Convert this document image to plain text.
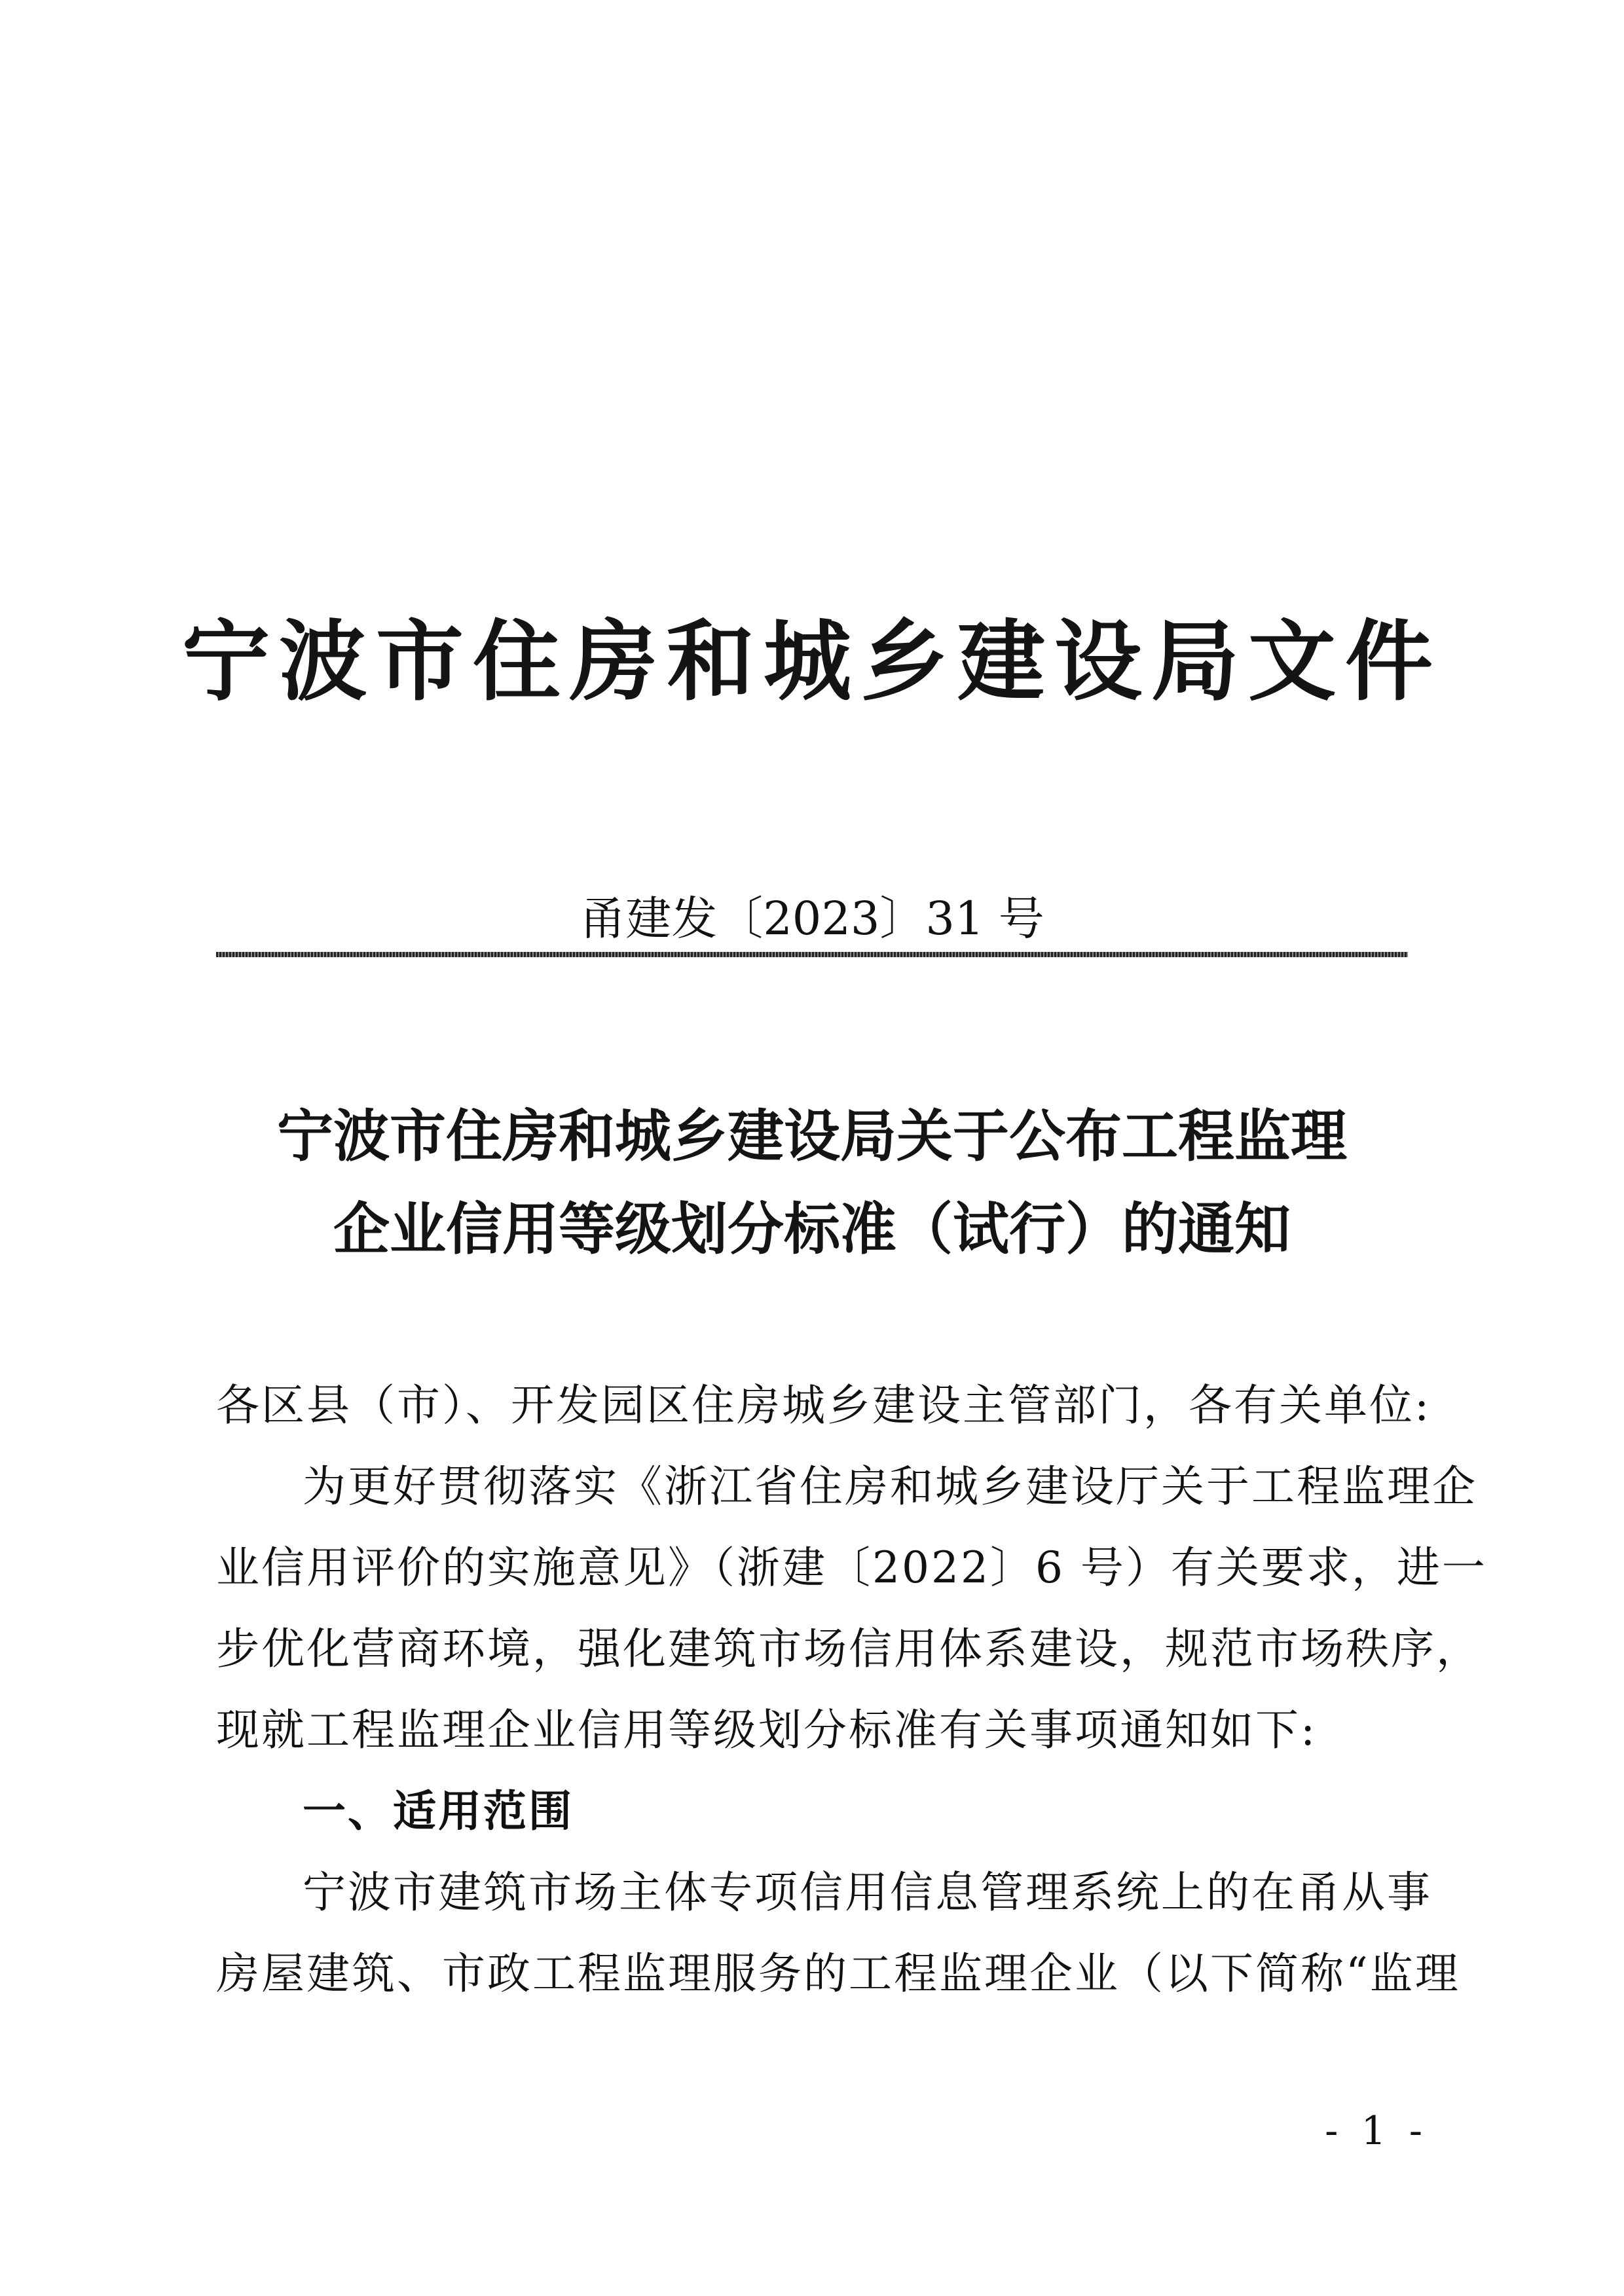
宁波市住房和城乡建设局文件
甬建发〔2023〕31 号
宁波市住房和城乡建设局关于公布工程监理
企业信用等级划分标准（试行）的通知

各区县（市）、开发园区住房城乡建设主管部门，各有关单位:

为更好贯彻落实《浙江省住房和城乡建设厅关于工程监理企

业信用评价的实施意见》（浙建〔2022〕6 号）有关要求，进一

步优化营商环境，强化建筑市场信用体系建设，规范市场秩序，

现就工程监理企业信用等级划分标准有关事项通知如下:

一、适用范围

宁波市建筑市场主体专项信用信息管理系统上的在甬从事

房屋建筑、市政工程监理服务的工程监理企业（以下简称“监理

- 1 -
